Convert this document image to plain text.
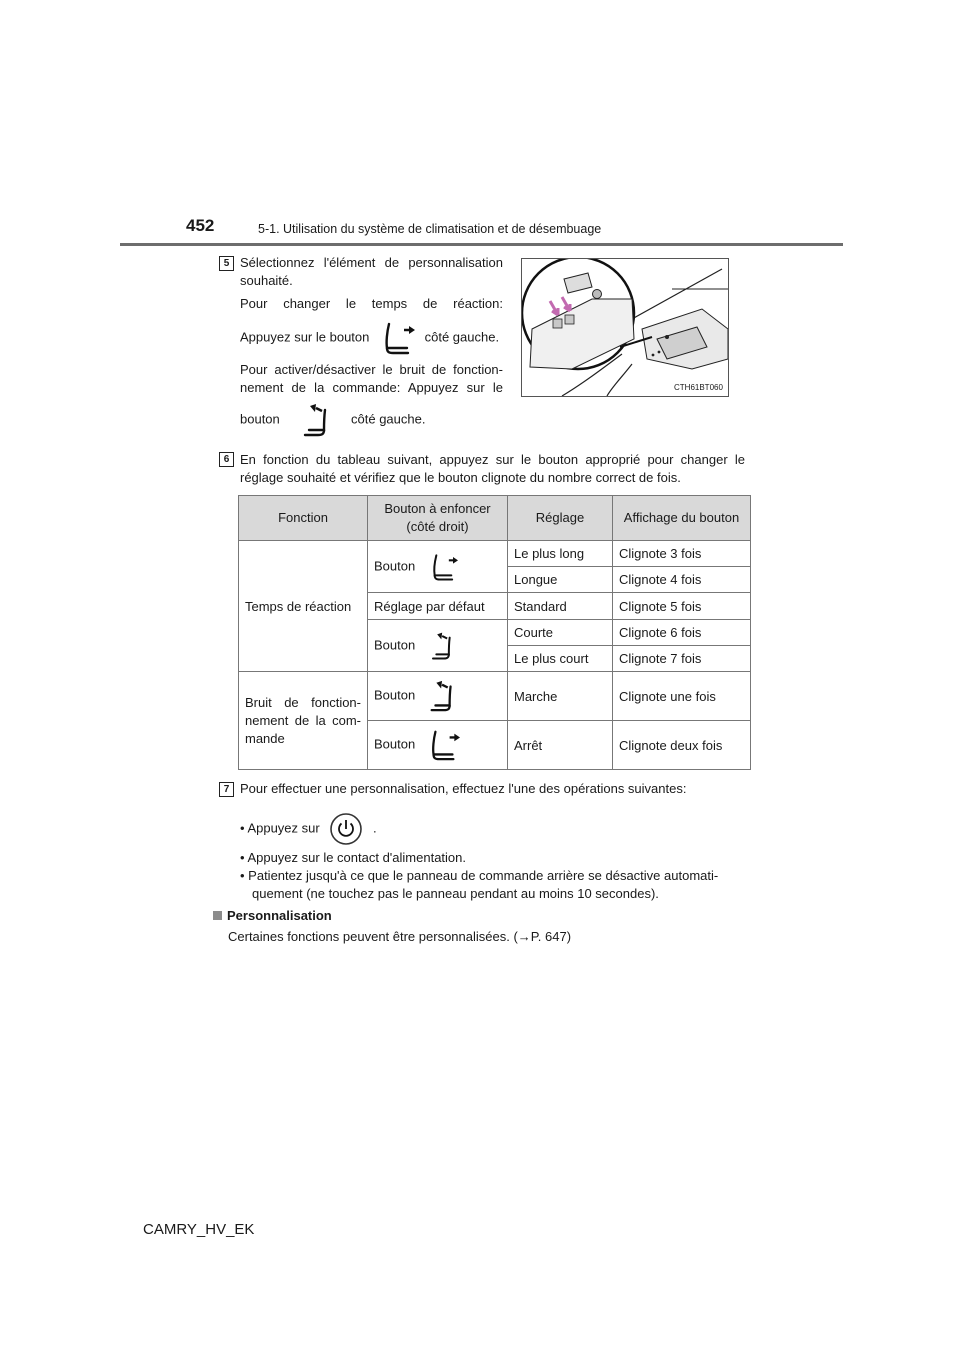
452	5-1. Utilisation du système de climatisation et de désembuage
5 Sélectionnez l'élément de personnalisation
souhaité.
Pour changer le temps de réaction:
Appuyez sur le bouton	côté gauche.
Pour activer/désactiver le bruit de fonction-
nement de la commande: Appuyez sur le
bouton	côté gauche.
CTH61BT060
6 En fonction du tableau suivant, appuyez sur le bouton approprié pour changer le
réglage souhaité et vérifiez que le bouton clignote du nombre correct de fois.
Fonction	Bouton à enfoncer (côté droit)	Réglage	Affichage du bouton
Temps de réaction	Bouton	Le plus long	Clignote 3 fois
		Longue	Clignote 4 fois
	Réglage par défaut	Standard	Clignote 5 fois
	Bouton	Courte	Clignote 6 fois
		Le plus court	Clignote 7 fois
Bruit de fonction-nement de la com-mande	Bouton	Marche	Clignote une fois
	Bouton	Arrêt	Clignote deux fois
7 Pour effectuer une personnalisation, effectuez l'une des opérations suivantes:
• Appuyez sur	.
• Appuyez sur le contact d'alimentation.
• Patientez jusqu'à ce que le panneau de commande arrière se désactive automati-
quement (ne touchez pas le panneau pendant au moins 10 secondes).
Personnalisation
Certaines fonctions peuvent être personnalisées. (→P. 647)
CAMRY_HV_EK
